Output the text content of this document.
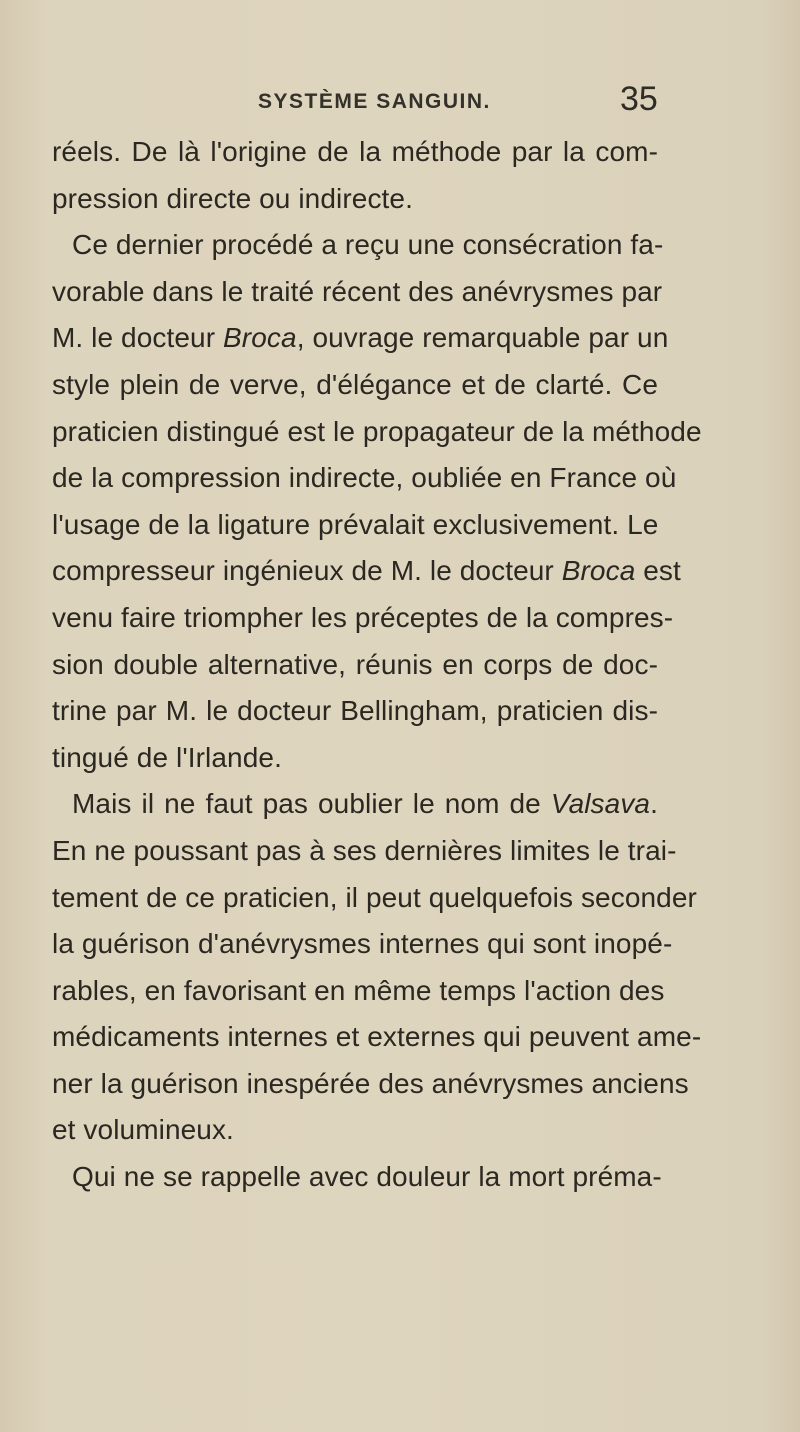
SYSTÈME SANGUIN.	35
réels. De là l'origine de la méthode par la com-
pression directe ou indirecte.
Ce dernier procédé a reçu une consécration fa-
vorable dans le traité récent des anévrysmes par
M. le docteur Broca, ouvrage remarquable par un
style plein de verve, d'élégance et de clarté. Ce
praticien distingué est le propagateur de la méthode
de la compression indirecte, oubliée en France où
l'usage de la ligature prévalait exclusivement. Le
compresseur ingénieux de M. le docteur Broca est
venu faire triompher les préceptes de la compres-
sion double alternative, réunis en corps de doc-
trine par M. le docteur Bellingham, praticien dis-
tingué de l'Irlande.
Mais il ne faut pas oublier le nom de Valsava.
En ne poussant pas à ses dernières limites le trai-
tement de ce praticien, il peut quelquefois seconder
la guérison d'anévrysmes internes qui sont inopé-
rables, en favorisant en même temps l'action des
médicaments internes et externes qui peuvent ame-
ner la guérison inespérée des anévrysmes anciens
et volumineux.
Qui ne se rappelle avec douleur la mort préma-
